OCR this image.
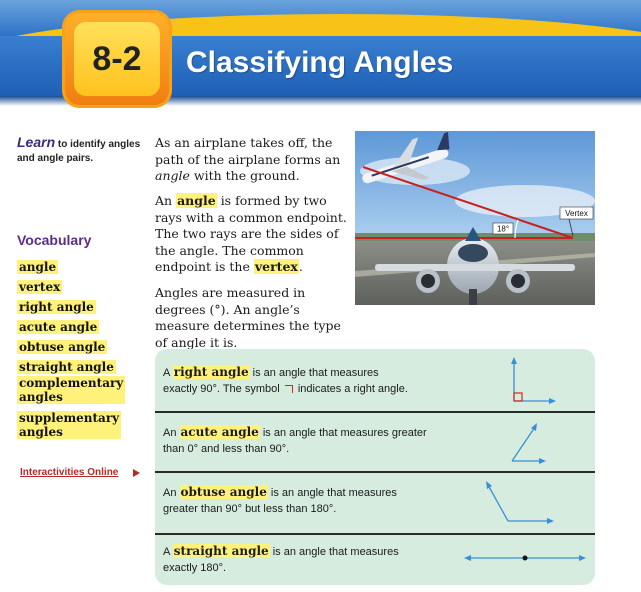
8-2 Classifying Angles
Learn to identify angles and angle pairs.
Vocabulary
angle
vertex
right angle
acute angle
obtuse angle
straight angle
complementary angles
supplementary angles
Interactivities Online
As an airplane takes off, the path of the airplane forms an angle with the ground.
An angle is formed by two rays with a common endpoint. The two rays are the sides of the angle. The common endpoint is the vertex.
Angles are measured in degrees (°). An angle’s measure determines the type of angle it is.
18°
Vertex
A right angle is an angle that measures
exactly 90°. The symbol indicates a right angle.
An acute angle is an angle that measures greater
than 0° and less than 90°.
An obtuse angle is an angle that measures
greater than 90° but less than 180°.
A straight angle is an angle that measures
exactly 180°.
